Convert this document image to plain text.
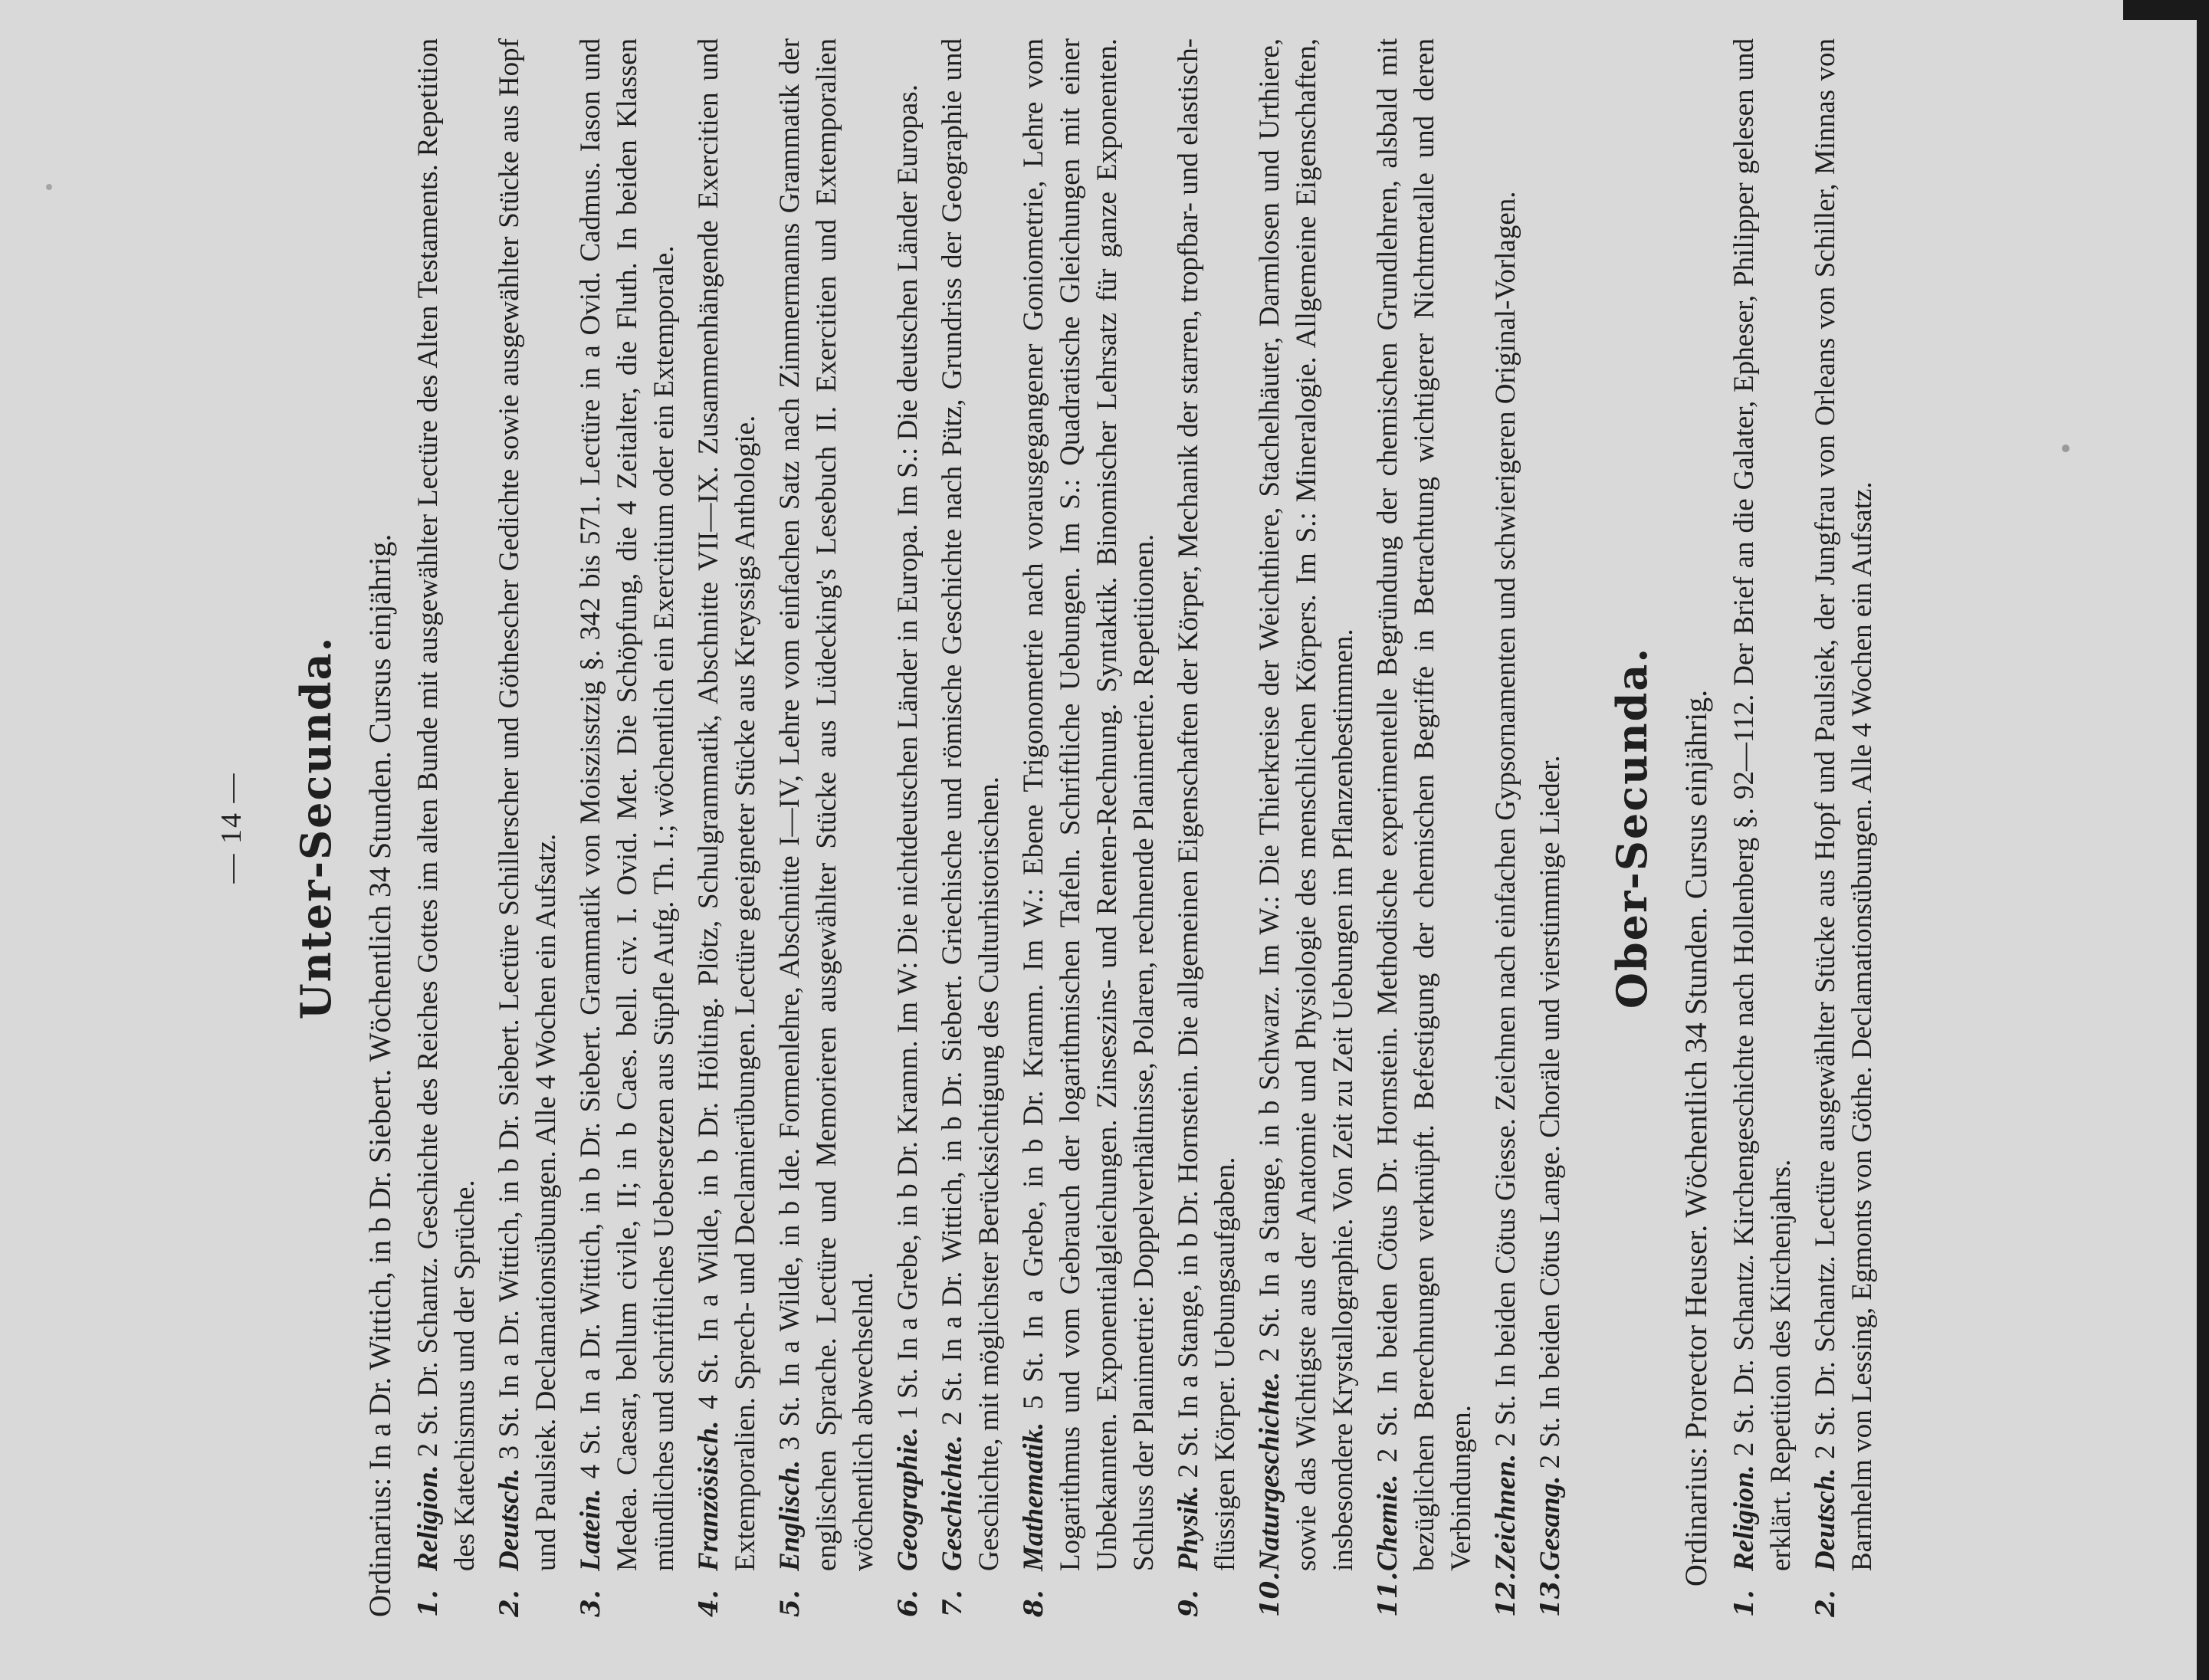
— 14 — Unter-Secunda. Ordinarius: In a Dr. Wittich, in b Dr. Siebert. Wöchentlich 34 Stunden. Cursus einjährig. 1.
Religion. 2 St. Dr. Schantz. Geschichte des Reiches Gottes im alten Bunde mit ausgewählter Lectüre des Alten Testaments. Repetition des Katechismus und der Sprüche.
2.
Deutsch. 3 St. In a Dr. Wittich, in b Dr. Siebert. Lectüre Schillerscher und Göthescher Gedichte sowie ausgewählter Stücke aus Hopf und Paulsiek. Declamationsübungen. Alle 4 Wochen ein Aufsatz.
3.
Latein. 4 St. In a Dr. Wittich, in b Dr. Siebert. Grammatik von Moiszisstzig §. 342 bis 571. Lectüre in a Ovid. Cadmus. Iason und Medea. Caesar, bellum civile, II; in b Caes. bell. civ. I. Ovid. Met. Die Schöpfung, die 4 Zeitalter, die Fluth. In beiden Klassen mündliches und schriftliches Uebersetzen aus Süpfle Aufg. Th. I.; wöchentlich ein Exercitium oder ein Extemporale.
4.
Französisch. 4 St. In a Wilde, in b Dr. Hölting. Plötz, Schulgrammatik, Abschnitte VII—IX. Zusammenhängende Exercitien und Extemporalien. Sprech- und Declamierübungen. Lectüre geeigneter Stücke aus Kreyssigs Anthologie.
5.
Englisch. 3 St. In a Wilde, in b Ide. Formenlehre, Abschnitte I—IV, Lehre vom einfachen Satz nach Zimmermanns Grammatik der englischen Sprache. Lectüre und Memorieren ausgewählter Stücke aus Lüdecking's Lesebuch II. Exercitien und Extemporalien wöchentlich abwechselnd.
6.
Geographie. 1 St. In a Grebe, in b Dr. Kramm. Im W: Die nichtdeutschen Länder in Europa. Im S.: Die deutschen Länder Europas.
7.
Geschichte. 2 St. In a Dr. Wittich, in b Dr. Siebert. Griechische und römische Geschichte nach Pütz, Grundriss der Geographie und Geschichte, mit möglichster Berücksichtigung des Culturhistorischen.
8.
Mathematik. 5 St. In a Grebe, in b Dr. Kramm. Im W.: Ebene Trigonometrie nach vorausgegangener Goniometrie, Lehre vom Logarithmus und vom Gebrauch der logarithmischen Tafeln. Schriftliche Uebungen. Im S.: Quadratische Gleichungen mit einer Unbekannten. Exponentialgleichungen. Zinseszins- und Renten-Rechnung. Syntaktik. Binomischer Lehrsatz für ganze Exponenten. Schluss der Planimetrie: Doppelverhältnisse, Polaren, rechnende Planimetrie. Repetitionen.
9.
Physik. 2 St. In a Stange, in b Dr. Hornstein. Die allgemeinen Eigenschaften der Körper, Mechanik der starren, tropfbar- und elastisch-flüssigen Körper. Uebungsaufgaben.
10.
Naturgeschichte. 2 St. In a Stange, in b Schwarz. Im W.: Die Thierkreise der Weichthiere, Stachelhäuter, Darmlosen und Urthiere, sowie das Wichtigste aus der Anatomie und Physiologie des menschlichen Körpers. Im S.: Mineralogie. Allgemeine Eigenschaften, insbesondere Krystallographie. Von Zeit zu Zeit Uebungen im Pflanzenbestimmen.
11.
Chemie. 2 St. In beiden Cötus Dr. Hornstein. Methodische experimentelle Begründung der chemischen Grundlehren, alsbald mit bezüglichen Berechnungen verknüpft. Befestigung der chemischen Begriffe in Betrachtung wichtigerer Nichtmetalle und deren Verbindungen.
12.
Zeichnen. 2 St. In beiden Cötus Giesse. Zeichnen nach einfachen Gypsornamenten und schwierigeren Original-Vorlagen.
13.
Gesang. 2 St. In beiden Cötus Lange. Choräle und vierstimmige Lieder. Ober-Secunda. Ordinarius: Prorector Heuser. Wöchentlich 34 Stunden. Cursus einjährig.
1.
Religion. 2 St. Dr. Schantz. Kirchengeschichte nach Hollenberg §. 92—112. Der Brief an die Galater, Epheser, Philipper gelesen und erklärt. Repetition des Kirchenjahrs.
2.
Deutsch. 2 St. Dr. Schantz. Lectüre ausgewählter Stücke aus Hopf und Paulsiek, der Jungfrau von Orleans von Schiller, Minnas von Barnhelm von Lessing, Egmonts von Göthe. Declamationsübungen. Alle 4 Wochen ein Aufsatz.
